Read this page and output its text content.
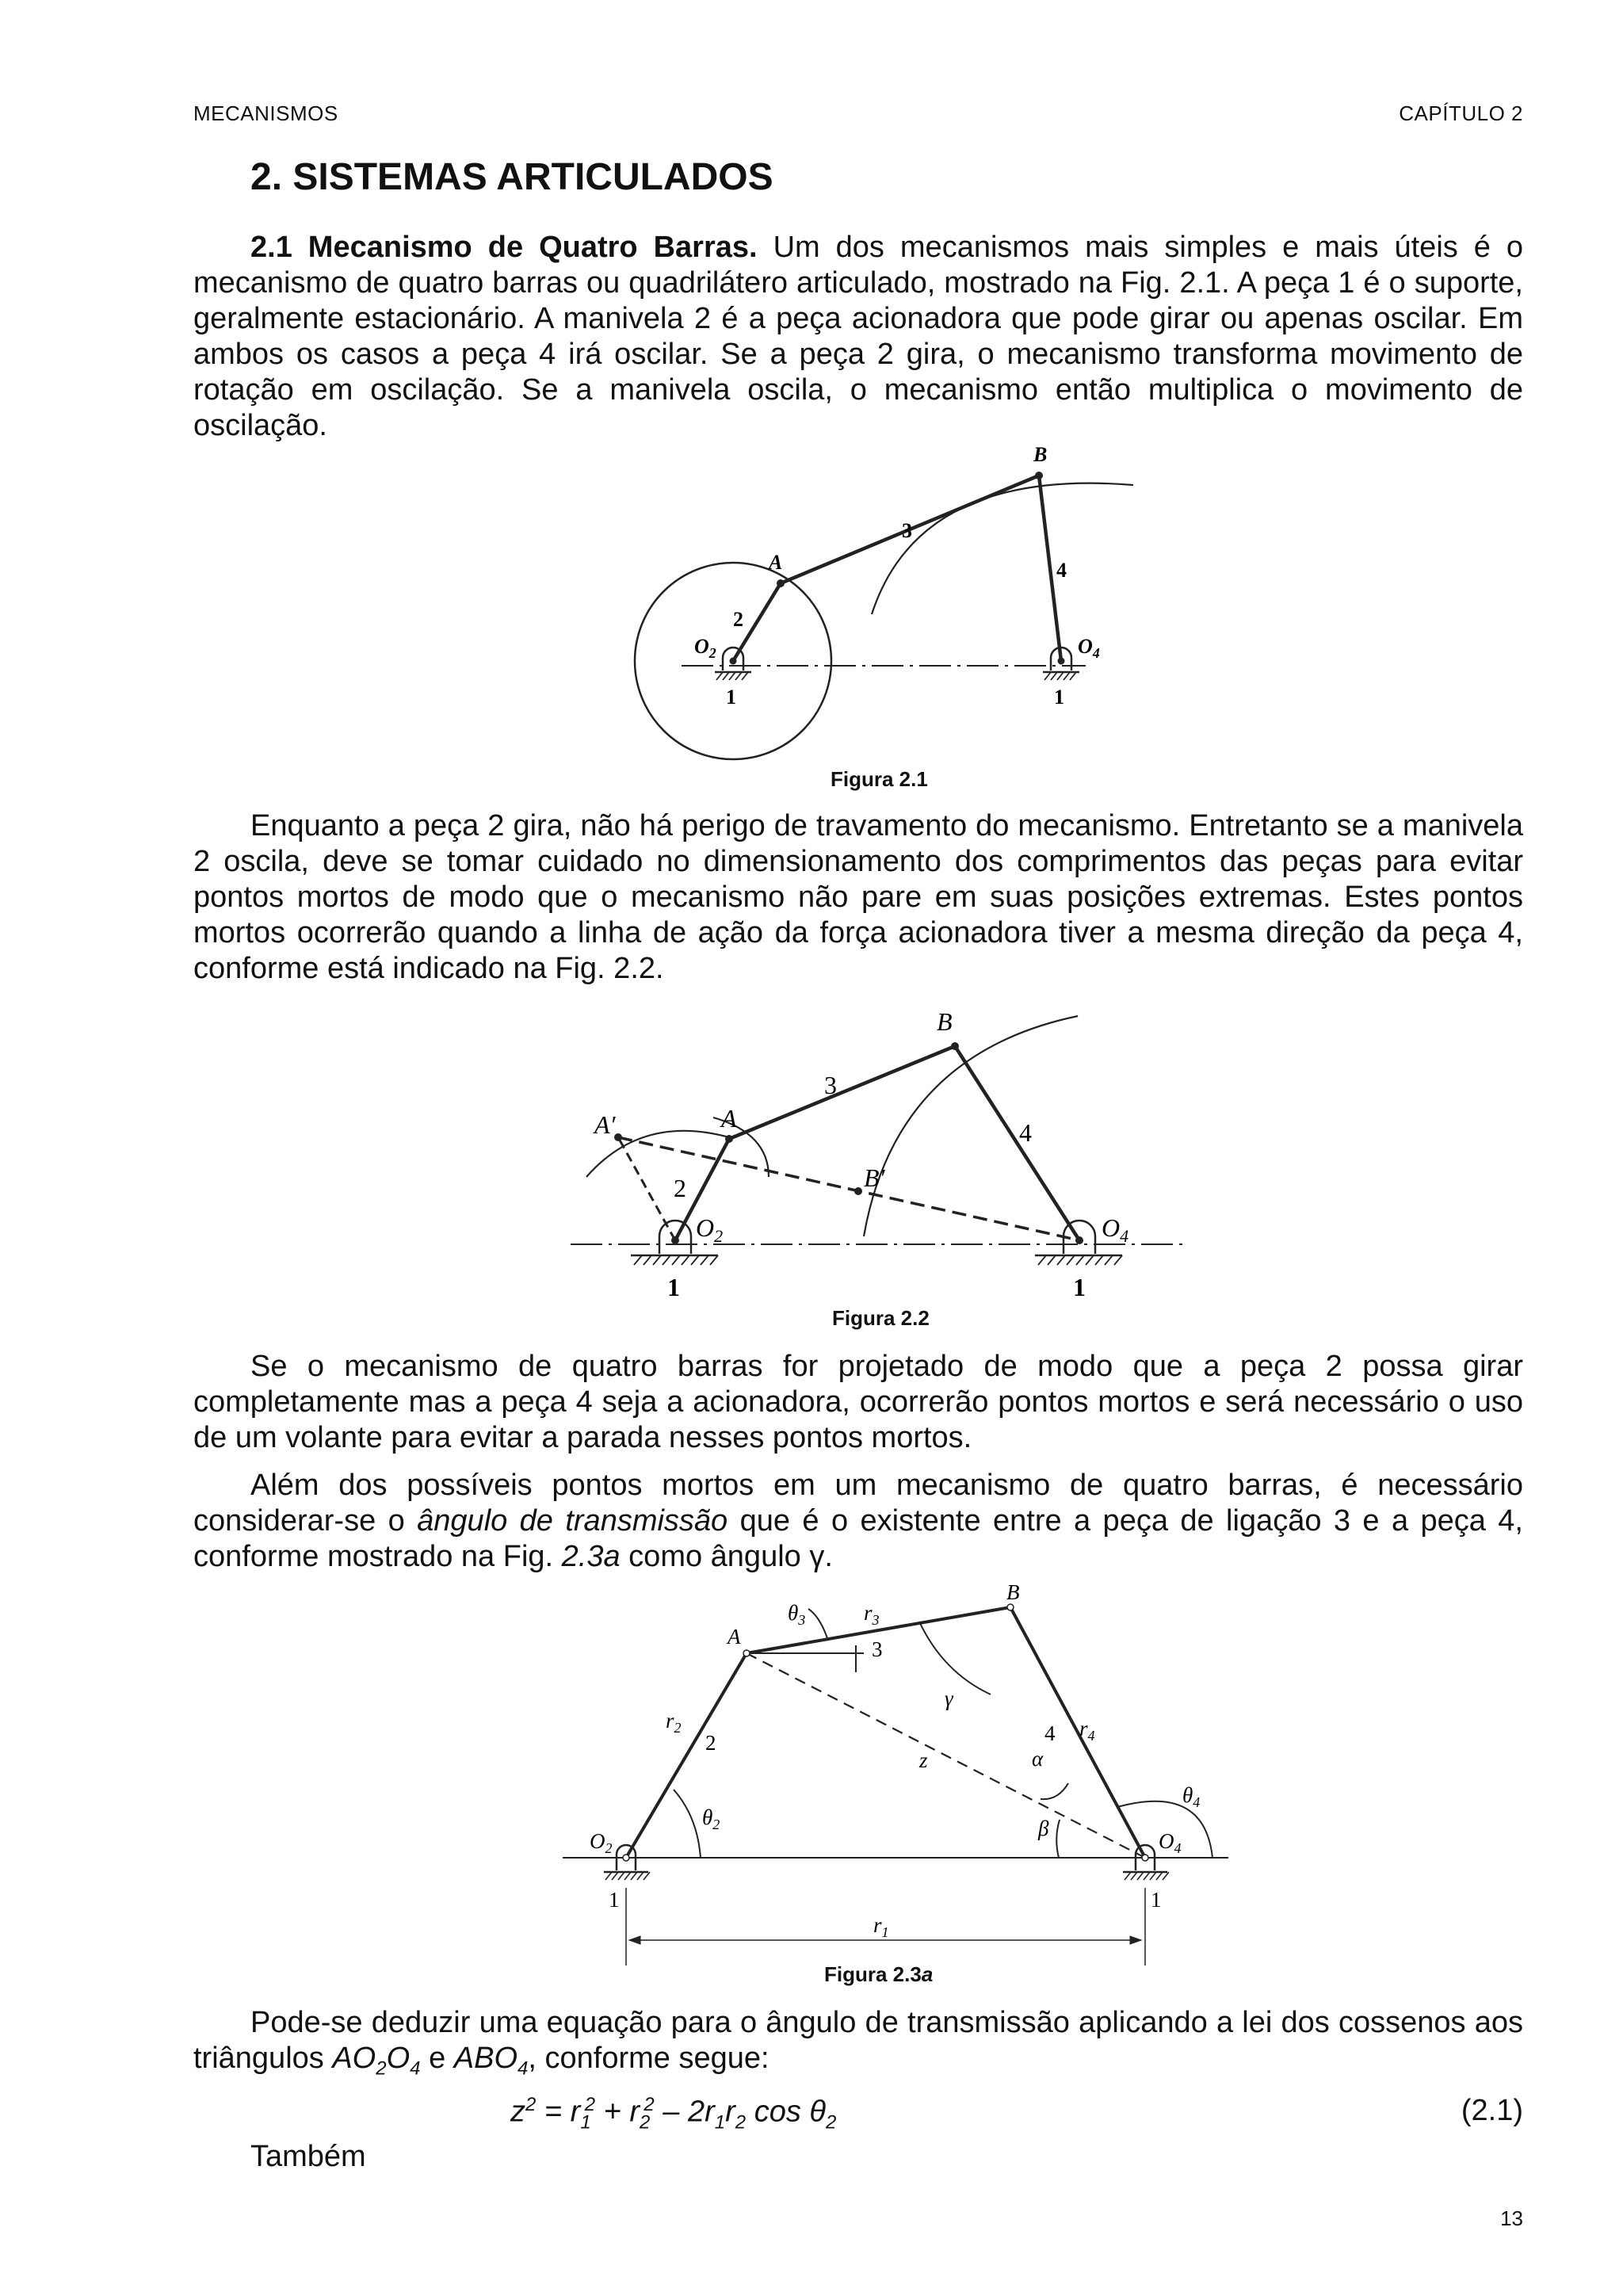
MECANISMOS	CAPÍTULO 2
2. SISTEMAS ARTICULADOS

2.1 Mecanismo de Quatro Barras. Um dos mecanismos mais simples e mais úteis é o mecanismo de quatro barras ou quadrilátero articulado, mostrado na Fig. 2.1. A peça 1 é o suporte, geralmente estacionário. A manivela 2 é a peça acionadora que pode girar ou apenas oscilar. Em ambos os casos a peça 4 irá oscilar. Se a peça 2 gira, o mecanismo transforma movimento de rotação em oscilação. Se a manivela oscila, o mecanismo então multiplica o movimento de oscilação.

B
A
3
4
2
$O_2$	$O_4$
1	1
Figura 2.1

Enquanto a peça 2 gira, não há perigo de travamento do mecanismo. Entretanto se a manivela 2 oscila, deve se tomar cuidado no dimensionamento dos comprimentos das peças para evitar pontos mortos de modo que o mecanismo não pare em suas posições extremas. Estes pontos mortos ocorrerão quando a linha de ação da força acionadora tiver a mesma direção da peça 4, conforme está indicado na Fig. 2.2.

B
B′
A
A′
3
4
2
$O_2$	$O_4$
1	1
Figura 2.2

Se o mecanismo de quatro barras for projetado de modo que a peça 2 possa girar completamente mas a peça 4 seja a acionadora, ocorrerão pontos mortos e será necessário o uso de um volante para evitar a parada nesses pontos mortos.

Além dos possíveis pontos mortos em um mecanismo de quatro barras, é necessário considerar-se o ângulo de transmissão que é o existente entre a peça de ligação 3 e a peça 4, conforme mostrado na Fig. 2.3a como ângulo γ.

A
B
$\theta_3$	$r_3$
3
γ
$r_2$
2
z	α
4 $r_4$
$\theta_4$
$\theta_2$	β
$O_2$	$O_4$
1	1
$r_1$
Figura 2.3a

Pode-se deduzir uma equação para o ângulo de transmissão aplicando a lei dos cossenos aos triângulos $AO_2O_4$ e $ABO_4$, conforme segue:

$z^2 = r_1^2 + r_2^2 - 2r_1r_2$ $\cos \theta_2$	(2.1)
Também
13
